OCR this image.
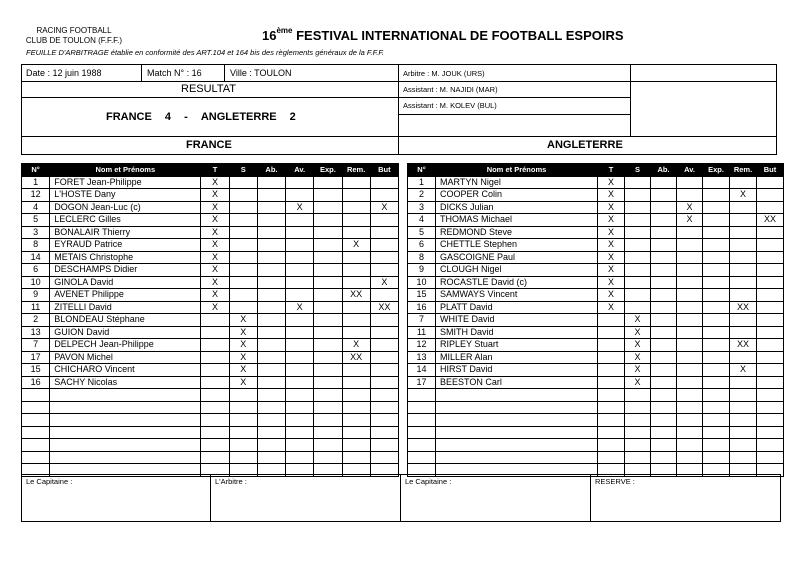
RACING FOOTBALL
CLUB DE TOULON (F.F.F.)	16ème FESTIVAL INTERNATIONAL DE FOOTBALL ESPOIRS
FEUILLE D'ARBITRAGE établie en conformité des ART.104 et 164 bis des règlements généraux de la F.F.F.
Date : 12 juin 1988	Match N° : 16	Ville : TOULON
RESULTAT
FRANCE 4 - ANGLETERRE 2
Arbitre : M. JOUK (URS)
Assistant : M. NAJIDI (MAR)
Assistant : M. KOLEV (BUL)
FRANCE	ANGLETERRE
N°	Nom et Prénoms	T	S	Ab.	Av.	Exp.	Rem.	But
1	FORET Jean-Philippe	X						
12	L'HOSTE Dany	X						
4	DOGON Jean-Luc (c)	X			X			X
5	LECLERC Gilles	X						
3	BONALAIR Thierry	X						
8	EYRAUD Patrice	X					X	
14	METAIS Christophe	X						
6	DESCHAMPS Didier	X						
10	GINOLA David	X						X
9	AVENET Philippe	X					XX	
11	ZITELLI David	X			X			XX
2	BLONDEAU Stéphane		X					
13	GUION David		X					
7	DELPECH Jean-Philippe		X				X	
17	PAVON Michel		X				XX	
15	CHICHARO Vincent		X					
16	SACHY Nicolas		X					

N°	Nom et Prénoms	T	S	Ab.	Av.	Exp.	Rem.	But
1	MARTYN Nigel	X						
2	COOPER Colin	X					X	
3	DICKS Julian	X			X			
4	THOMAS Michael	X			X			XX
5	REDMOND Steve	X						
6	CHETTLE Stephen	X						
8	GASCOIGNE Paul	X						
9	CLOUGH Nigel	X						
10	ROCASTLE David (c)	X						
15	SAMWAYS Vincent	X						
16	PLATT David	X					XX	
7	WHITE David		X					
11	SMITH David		X					
12	RIPLEY Stuart		X				XX	
13	MILLER Alan		X					
14	HIRST David		X				X	
17	BEESTON Carl		X					

Le Capitaine :	L'Arbitre :	Le Capitaine :	RESERVE :
